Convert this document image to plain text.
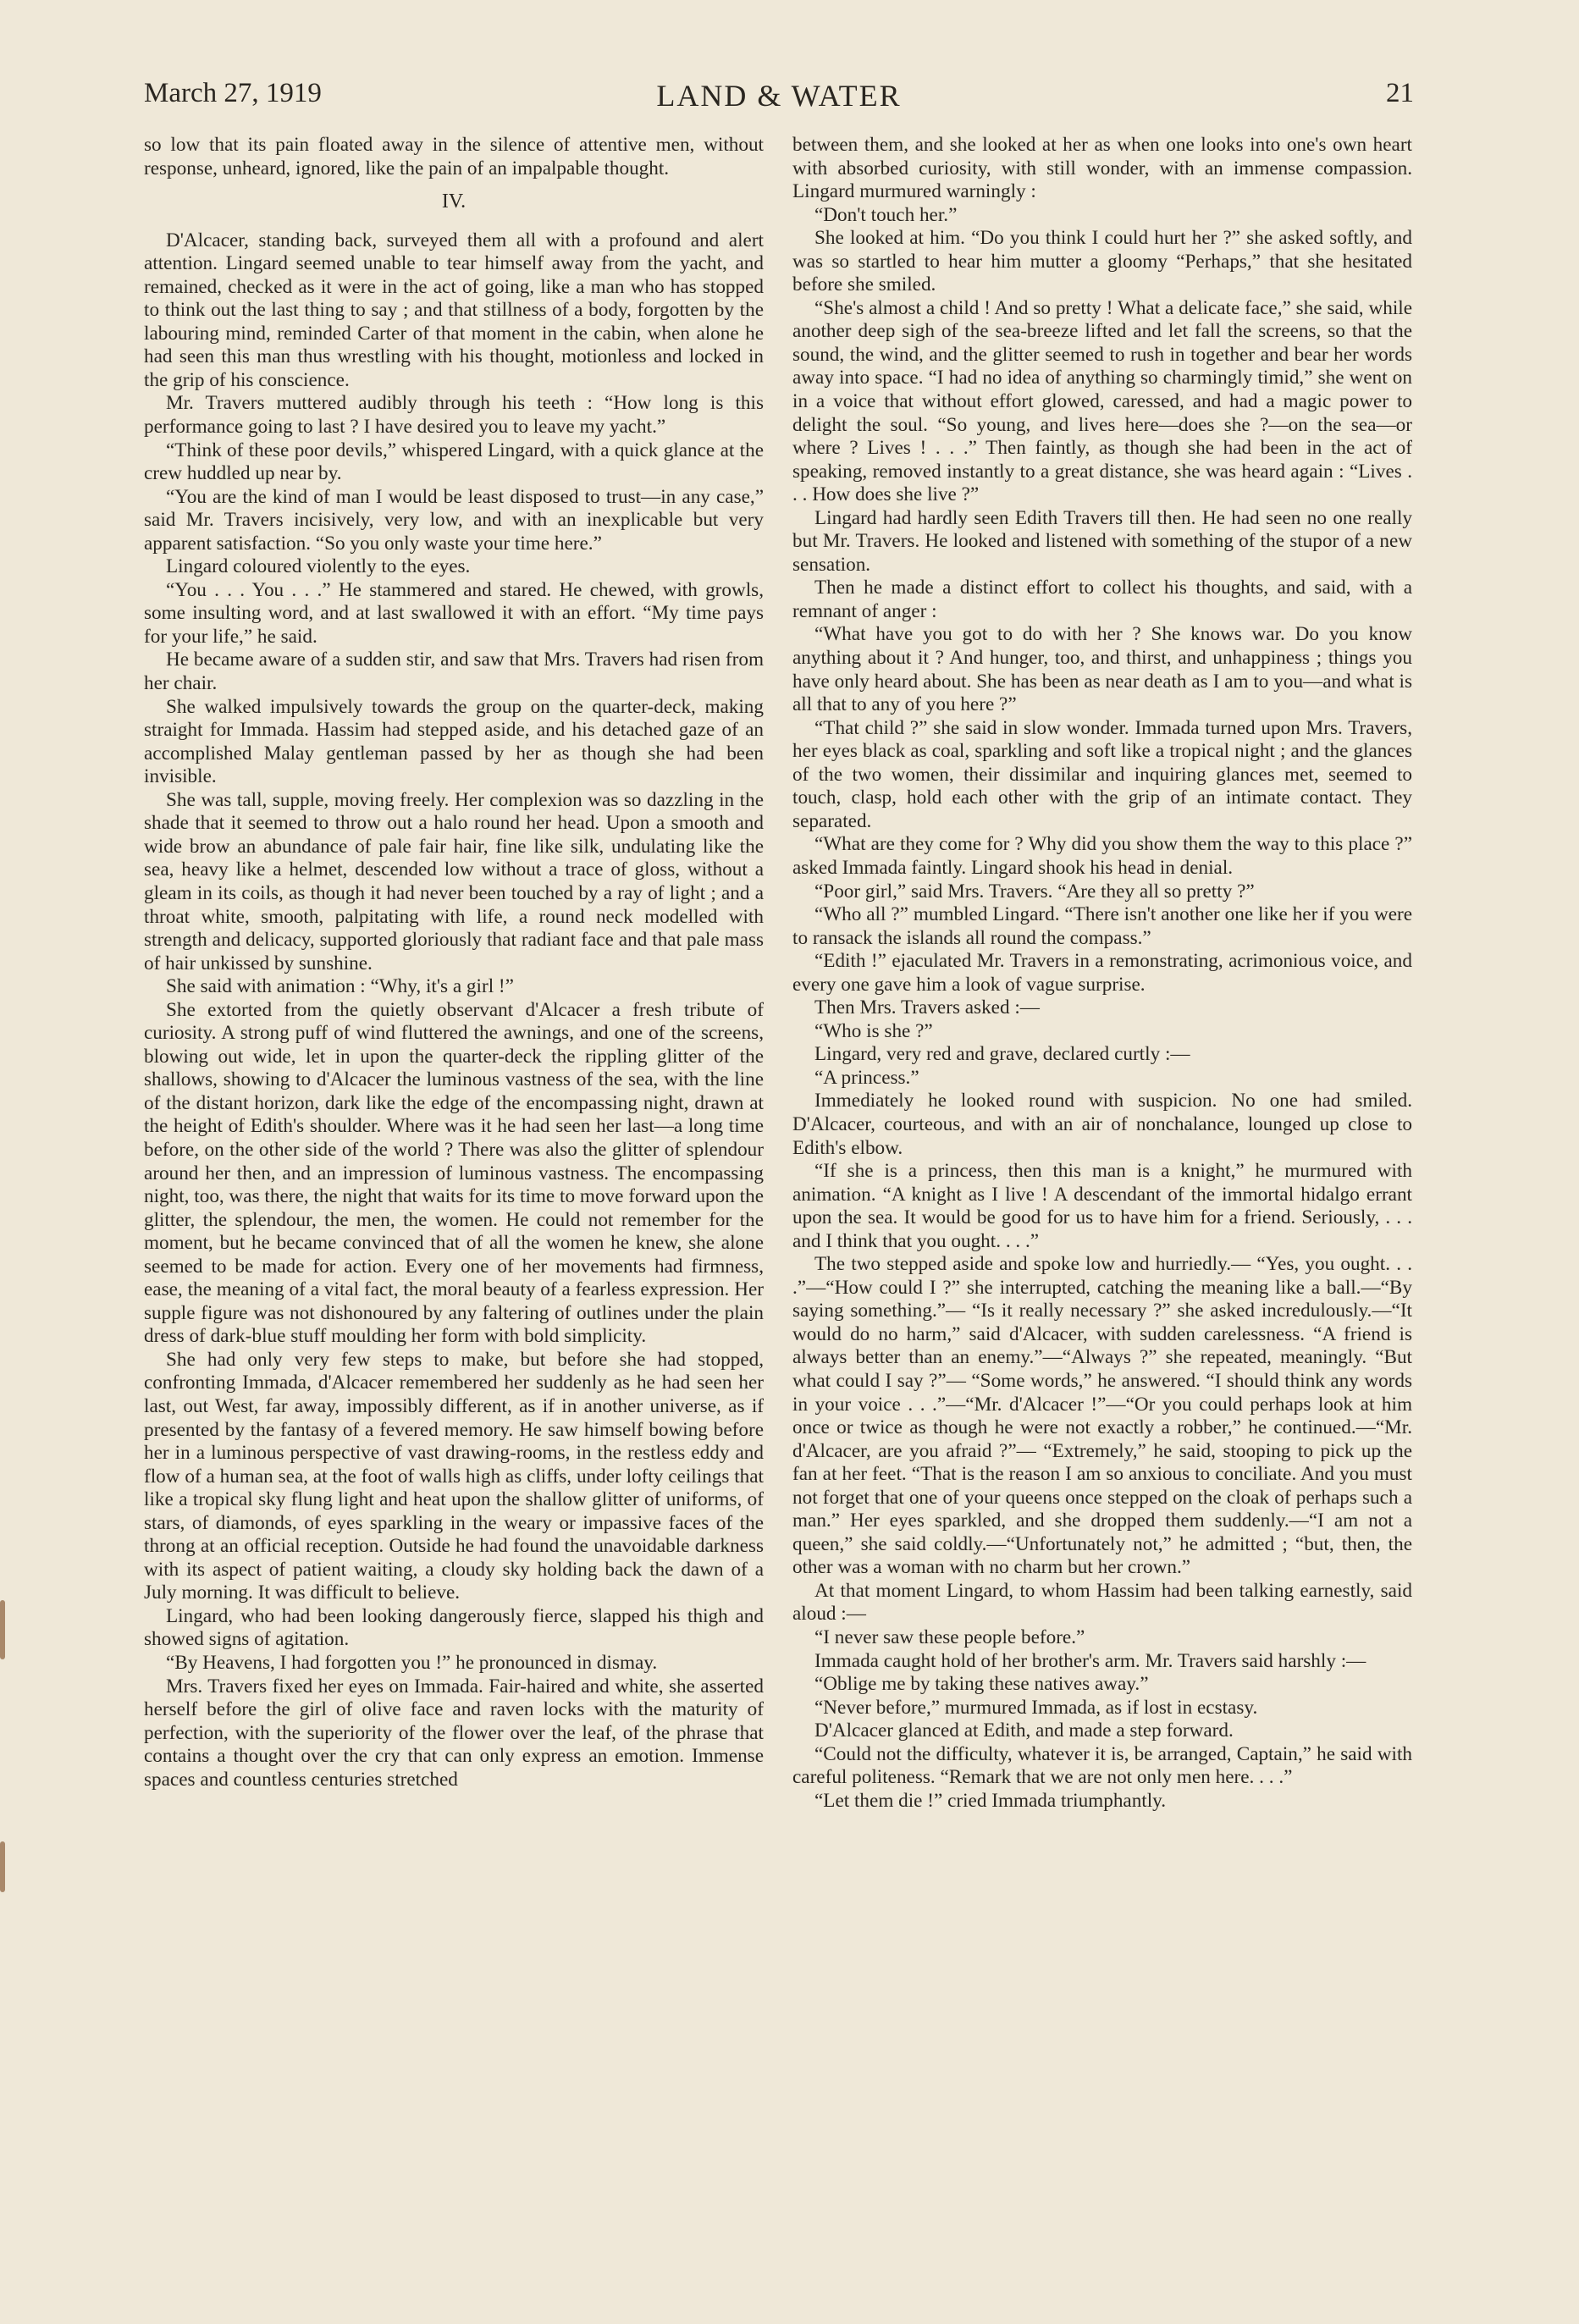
March 27, 1919	LAND & WATER	21

so low that its pain floated away in the silence of attentive men, without response, unheard, ignored, like the pain of an impalpable thought.

IV.

D'Alcacer, standing back, surveyed them all with a profound and alert attention. Lingard seemed unable to tear himself away from the yacht, and remained, checked as it were in the act of going, like a man who has stopped to think out the last thing to say ; and that stillness of a body, forgotten by the labouring mind, reminded Carter of that moment in the cabin, when alone he had seen this man thus wrestling with his thought, motionless and locked in the grip of his conscience.

Mr. Travers muttered audibly through his teeth : “How long is this performance going to last ? I have desired you to leave my yacht.”

“Think of these poor devils,” whispered Lingard, with a quick glance at the crew huddled up near by.

“You are the kind of man I would be least disposed to trust—in any case,” said Mr. Travers incisively, very low, and with an inexplicable but very apparent satisfaction. “So you only waste your time here.”

Lingard coloured violently to the eyes.

“You . . . You . . .” He stammered and stared. He chewed, with growls, some insulting word, and at last swallowed it with an effort. “My time pays for your life,” he said.

He became aware of a sudden stir, and saw that Mrs. Travers had risen from her chair.

She walked impulsively towards the group on the quarter-deck, making straight for Immada. Hassim had stepped aside, and his detached gaze of an accomplished Malay gentleman passed by her as though she had been invisible.

She was tall, supple, moving freely. Her complexion was so dazzling in the shade that it seemed to throw out a halo round her head. Upon a smooth and wide brow an abundance of pale fair hair, fine like silk, undulating like the sea, heavy like a helmet, descended low without a trace of gloss, without a gleam in its coils, as though it had never been touched by a ray of light ; and a throat white, smooth, palpitating with life, a round neck modelled with strength and delicacy, supported gloriously that radiant face and that pale mass of hair unkissed by sunshine.

She said with animation : “Why, it's a girl !”

She extorted from the quietly observant d'Alcacer a fresh tribute of curiosity. A strong puff of wind fluttered the awnings, and one of the screens, blowing out wide, let in upon the quarter-deck the rippling glitter of the shallows, showing to d'Alcacer the luminous vastness of the sea, with the line of the distant horizon, dark like the edge of the encompassing night, drawn at the height of Edith's shoulder. Where was it he had seen her last—a long time before, on the other side of the world ? There was also the glitter of splendour around her then, and an impression of luminous vastness. The encompassing night, too, was there, the night that waits for its time to move forward upon the glitter, the splendour, the men, the women. He could not remember for the moment, but he became convinced that of all the women he knew, she alone seemed to be made for action. Every one of her movements had firmness, ease, the meaning of a vital fact, the moral beauty of a fearless expression. Her supple figure was not dishonoured by any faltering of outlines under the plain dress of dark-blue stuff moulding her form with bold simplicity.

She had only very few steps to make, but before she had stopped, confronting Immada, d'Alcacer remembered her suddenly as he had seen her last, out West, far away, impossibly different, as if in another universe, as if presented by the fantasy of a fevered memory. He saw himself bowing before her in a luminous perspective of vast drawing-rooms, in the restless eddy and flow of a human sea, at the foot of walls high as cliffs, under lofty ceilings that like a tropical sky flung light and heat upon the shallow glitter of uniforms, of stars, of diamonds, of eyes sparkling in the weary or impassive faces of the throng at an official reception. Outside he had found the unavoidable darkness with its aspect of patient waiting, a cloudy sky holding back the dawn of a July morning. It was difficult to believe.

Lingard, who had been looking dangerously fierce, slapped his thigh and showed signs of agitation.

“By Heavens, I had forgotten you !” he pronounced in dismay.

Mrs. Travers fixed her eyes on Immada. Fair-haired and white, she asserted herself before the girl of olive face and raven locks with the maturity of perfection, with the superiority of the flower over the leaf, of the phrase that contains a thought over the cry that can only express an emotion. Immense spaces and countless centuries stretched

between them, and she looked at her as when one looks into one's own heart with absorbed curiosity, with still wonder, with an immense compassion. Lingard murmured warningly :

“Don't touch her.”

She looked at him. “Do you think I could hurt her ?” she asked softly, and was so startled to hear him mutter a gloomy “Perhaps,” that she hesitated before she smiled.

“She's almost a child ! And so pretty ! What a delicate face,” she said, while another deep sigh of the sea-breeze lifted and let fall the screens, so that the sound, the wind, and the glitter seemed to rush in together and bear her words away into space. “I had no idea of anything so charmingly timid,” she went on in a voice that without effort glowed, caressed, and had a magic power to delight the soul. “So young, and lives here—does she ?—on the sea—or where ? Lives ! . . .” Then faintly, as though she had been in the act of speaking, removed instantly to a great distance, she was heard again : “Lives . . . How does she live ?”

Lingard had hardly seen Edith Travers till then. He had seen no one really but Mr. Travers. He looked and listened with something of the stupor of a new sensation.

Then he made a distinct effort to collect his thoughts, and said, with a remnant of anger :

“What have you got to do with her ? She knows war. Do you know anything about it ? And hunger, too, and thirst, and unhappiness ; things you have only heard about. She has been as near death as I am to you—and what is all that to any of you here ?”

“That child ?” she said in slow wonder. Immada turned upon Mrs. Travers, her eyes black as coal, sparkling and soft like a tropical night ; and the glances of the two women, their dissimilar and inquiring glances met, seemed to touch, clasp, hold each other with the grip of an intimate contact. They separated.

“What are they come for ? Why did you show them the way to this place ?” asked Immada faintly. Lingard shook his head in denial.

“Poor girl,” said Mrs. Travers. “Are they all so pretty ?”

“Who all ?” mumbled Lingard. “There isn't another one like her if you were to ransack the islands all round the compass.”

“Edith !” ejaculated Mr. Travers in a remonstrating, acrimonious voice, and every one gave him a look of vague surprise.

Then Mrs. Travers asked :—

“Who is she ?”

Lingard, very red and grave, declared curtly :—

“A princess.”

Immediately he looked round with suspicion. No one had smiled. D'Alcacer, courteous, and with an air of nonchalance, lounged up close to Edith's elbow.

“If she is a princess, then this man is a knight,” he murmured with animation. “A knight as I live ! A descendant of the immortal hidalgo errant upon the sea. It would be good for us to have him for a friend. Seriously, . . . and I think that you ought. . . .”

The two stepped aside and spoke low and hurriedly.— “Yes, you ought. . . .”—“How could I ?” she interrupted, catching the meaning like a ball.—“By saying something.”— “Is it really necessary ?” she asked incredulously.—“It would do no harm,” said d'Alcacer, with sudden carelessness. “A friend is always better than an enemy.”—“Always ?” she repeated, meaningly. “But what could I say ?”— “Some words,” he answered. “I should think any words in your voice . . .”—“Mr. d'Alcacer !”—“Or you could perhaps look at him once or twice as though he were not exactly a robber,” he continued.—“Mr. d'Alcacer, are you afraid ?”— “Extremely,” he said, stooping to pick up the fan at her feet. “That is the reason I am so anxious to conciliate. And you must not forget that one of your queens once stepped on the cloak of perhaps such a man.” Her eyes sparkled, and she dropped them suddenly.—“I am not a queen,” she said coldly.—“Unfortunately not,” he admitted ; “but, then, the other was a woman with no charm but her crown.”

At that moment Lingard, to whom Hassim had been talking earnestly, said aloud :—

“I never saw these people before.”

Immada caught hold of her brother's arm. Mr. Travers said harshly :—

“Oblige me by taking these natives away.”

“Never before,” murmured Immada, as if lost in ecstasy.

D'Alcacer glanced at Edith, and made a step forward.

“Could not the difficulty, whatever it is, be arranged, Captain,” he said with careful politeness. “Remark that we are not only men here. . . .”

“Let them die !” cried Immada triumphantly.
